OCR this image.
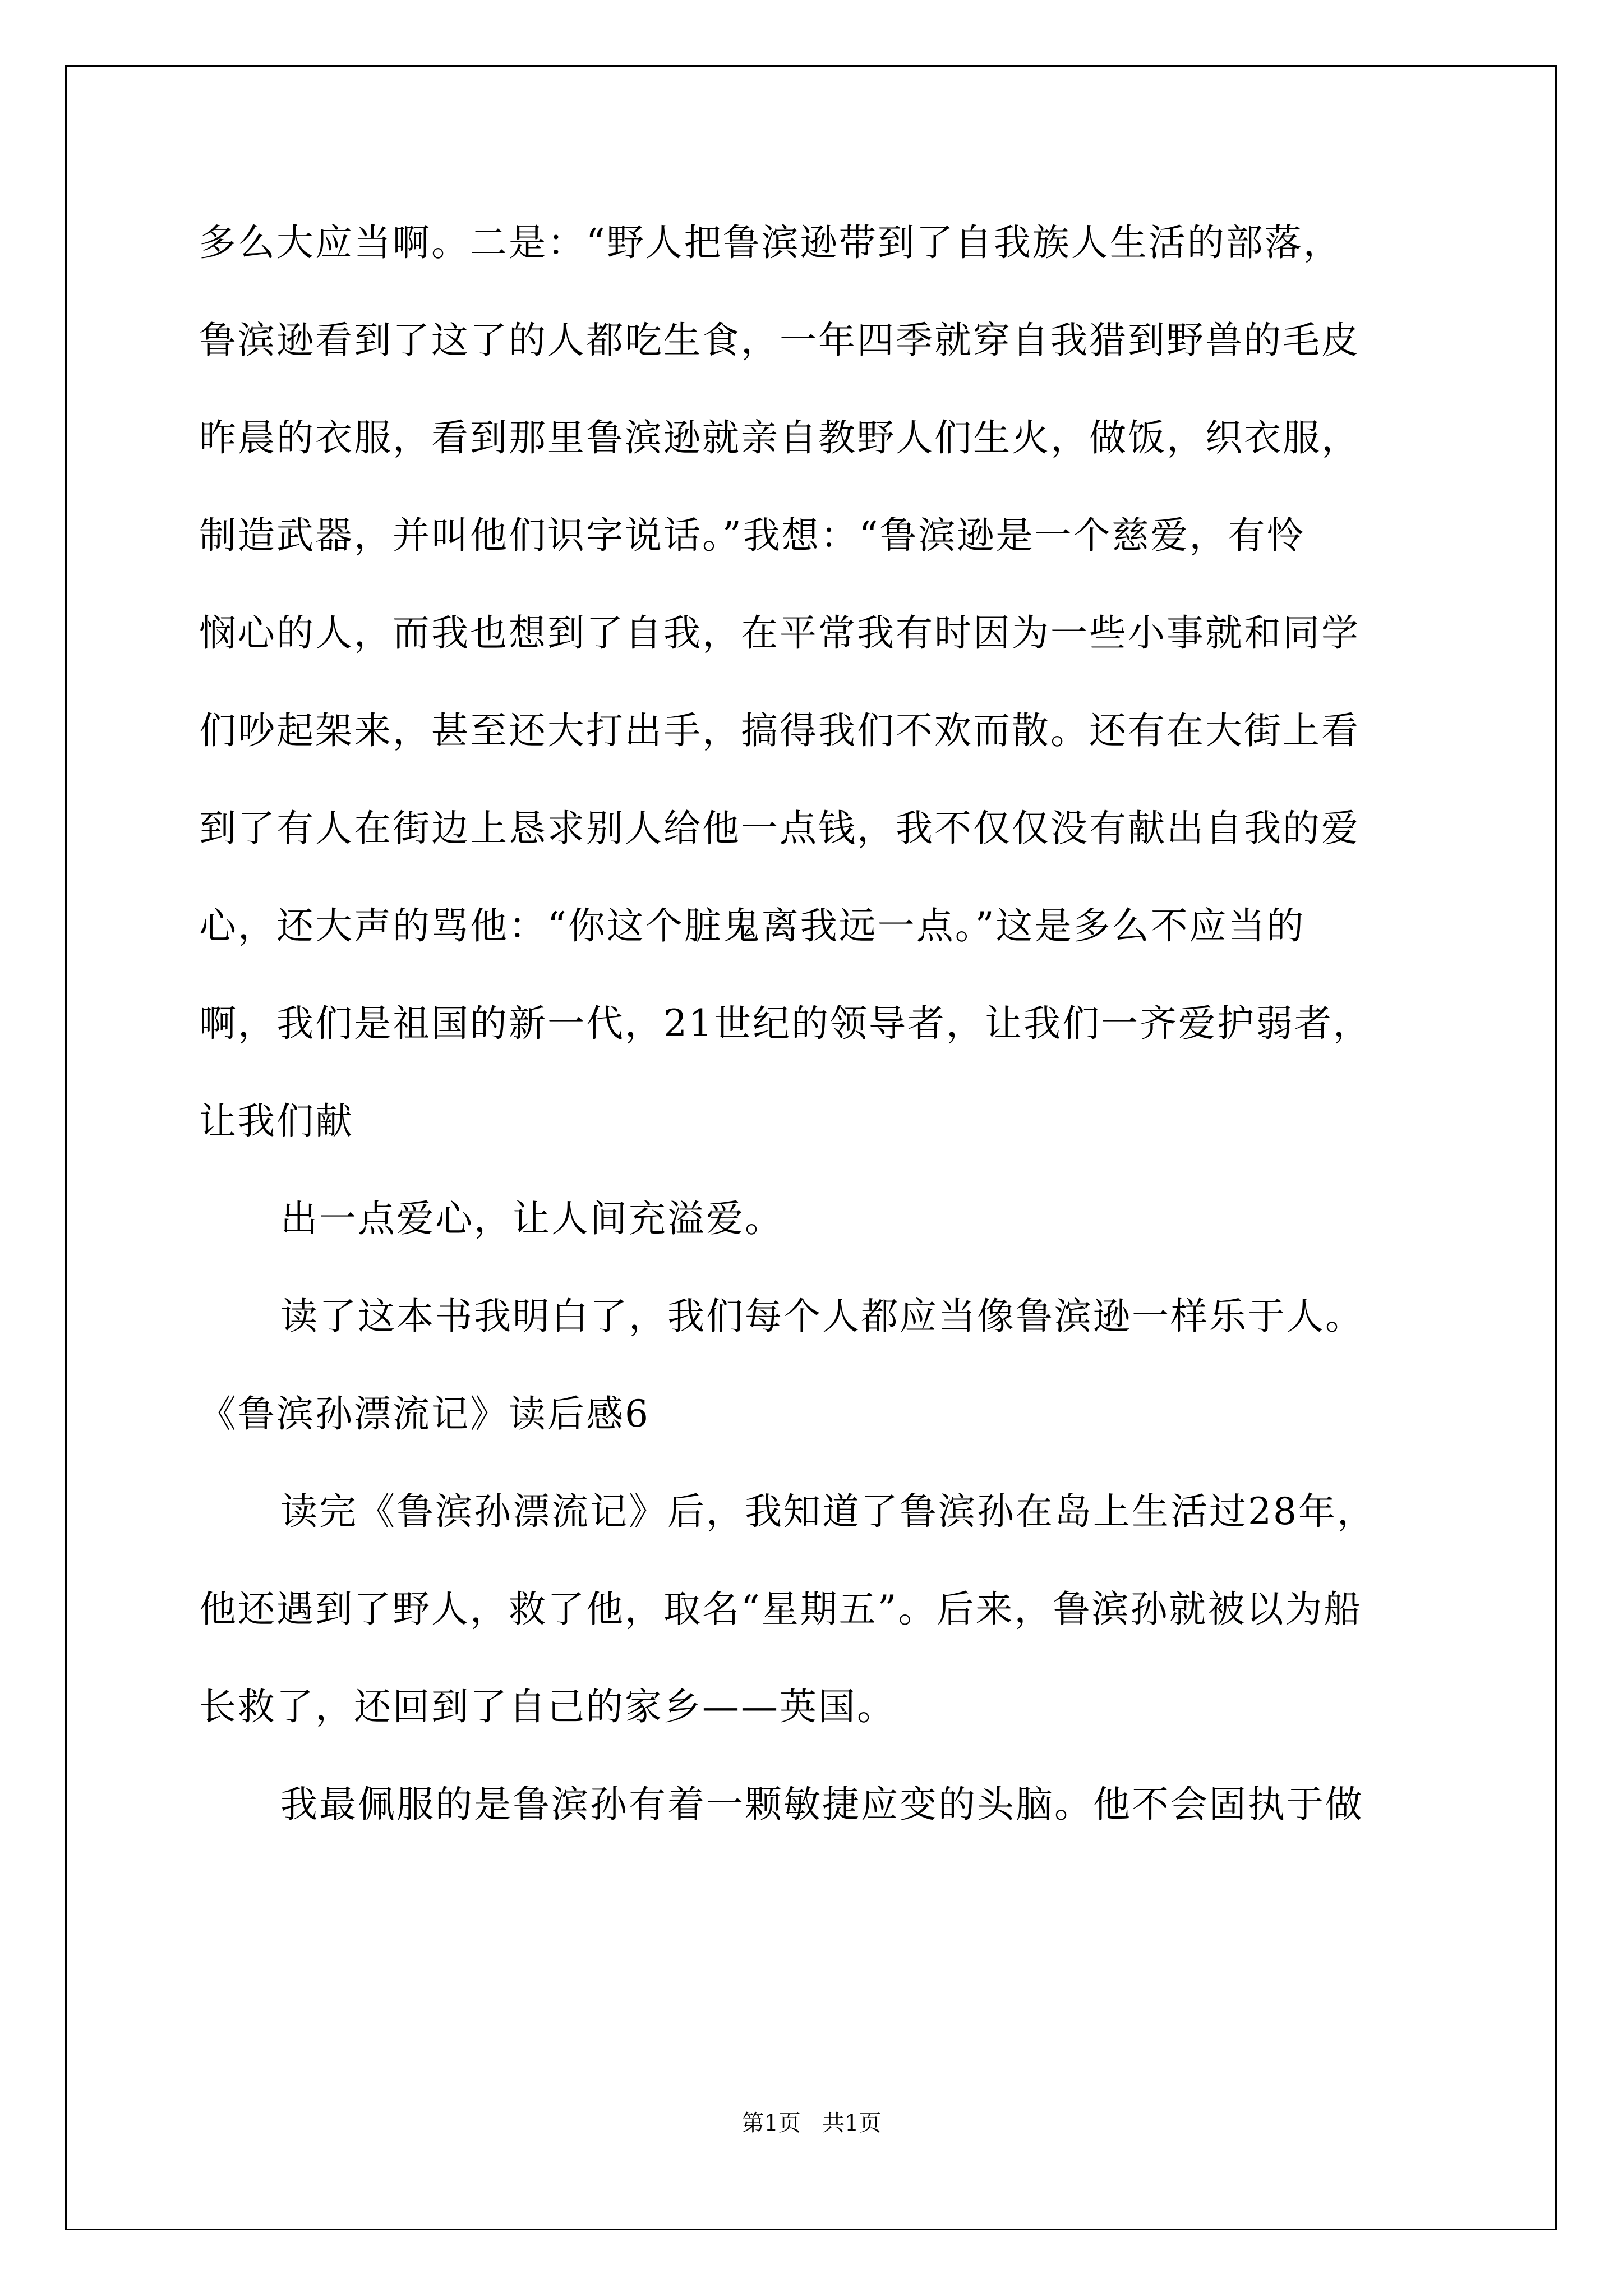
多么大应当啊。二是：“野人把鲁滨逊带到了自我族人生活的部落，
鲁滨逊看到了这了的人都吃生食，一年四季就穿自我猎到野兽的毛皮
昨晨的衣服，看到那里鲁滨逊就亲自教野人们生火，做饭，织衣服，
制造武器，并叫他们识字说话。”我想：“鲁滨逊是一个慈爱，有怜
悯心的人，而我也想到了自我，在平常我有时因为一些小事就和同学
们吵起架来，甚至还大打出手，搞得我们不欢而散。还有在大街上看
到了有人在街边上恳求别人给他一点钱，我不仅仅没有献出自我的爱
心，还大声的骂他：“你这个脏鬼离我远一点。”这是多么不应当的
啊，我们是祖国的新一代，21世纪的领导者，让我们一齐爱护弱者，
让我们献
出一点爱心，让人间充溢爱。
读了这本书我明白了，我们每个人都应当像鲁滨逊一样乐于人。
《鲁滨孙漂流记》读后感6
读完《鲁滨孙漂流记》后，我知道了鲁滨孙在岛上生活过28年，
他还遇到了野人，救了他，取名“星期五”。后来，鲁滨孙就被以为船
长救了，还回到了自己的家乡——英国。
我最佩服的是鲁滨孙有着一颗敏捷应变的头脑。他不会固执于做
第1页   共1页
